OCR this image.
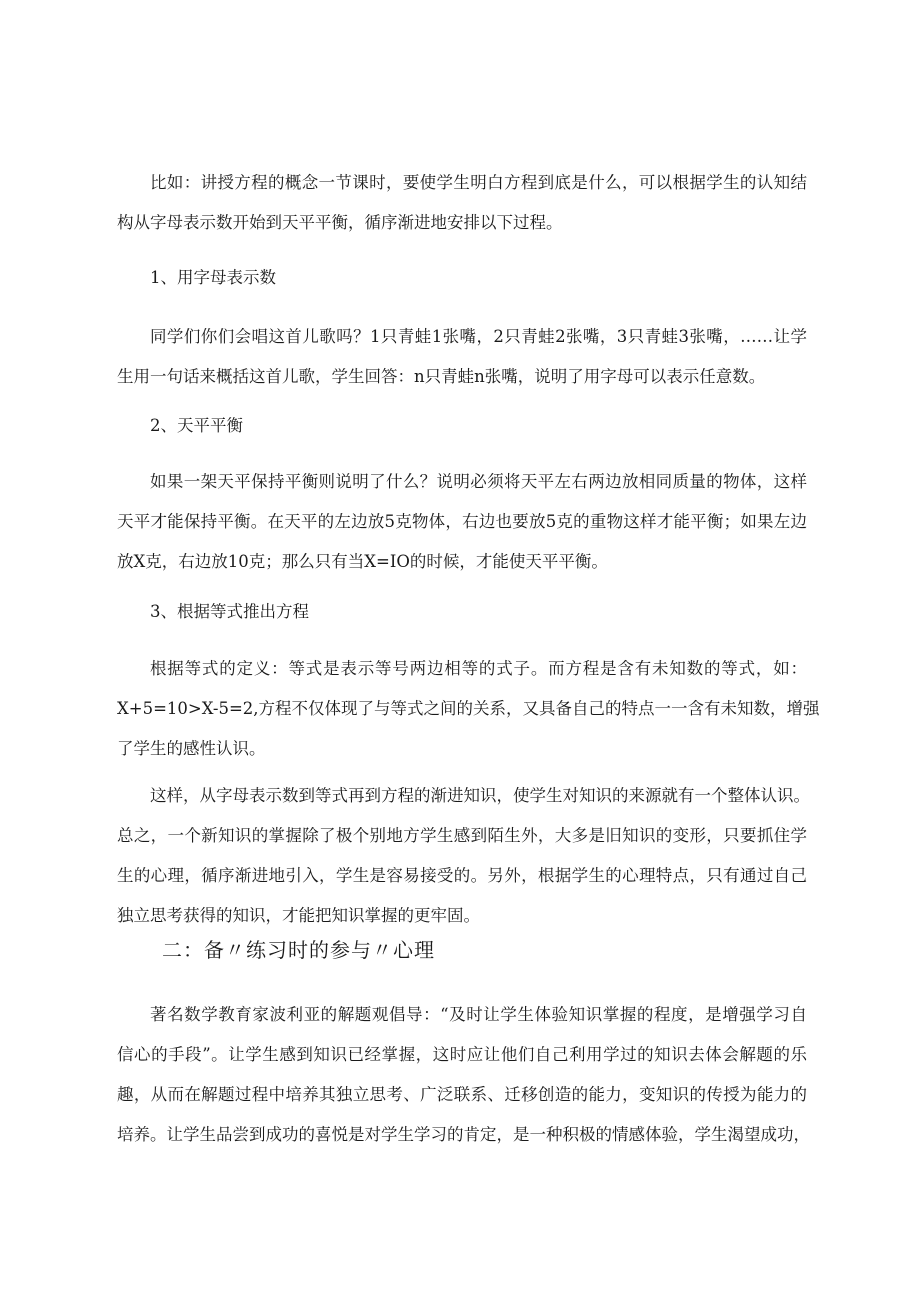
比如：讲授方程的概念一节课时，要使学生明白方程到底是什么，可以根据学生的认知结
构从字母表示数开始到天平平衡，循序渐进地安排以下过程。

1、用字母表示数

同学们你们会唱这首儿歌吗？1只青蛙1张嘴，2只青蛙2张嘴，3只青蛙3张嘴，……让学
生用一句话来概括这首儿歌，学生回答：n只青蛙n张嘴，说明了用字母可以表示任意数。

2、天平平衡

如果一架天平保持平衡则说明了什么？说明必须将天平左右两边放相同质量的物体，这样
天平才能保持平衡。在天平的左边放5克物体，右边也要放5克的重物这样才能平衡；如果左边
放X克，右边放10克；那么只有当X=IO的时候，才能使天平平衡。

3、根据等式推出方程

根据等式的定义：等式是表示等号两边相等的式子。而方程是含有未知数的等式，如：
X+5=10>X-5=2,方程不仅体现了与等式之间的关系，又具备自己的特点一一含有未知数，增强
了学生的感性认识。

这样，从字母表示数到等式再到方程的渐进知识，使学生对知识的来源就有一个整体认识。
总之，一个新知识的掌握除了极个别地方学生感到陌生外，大多是旧知识的变形，只要抓住学
生的心理，循序渐进地引入，学生是容易接受的。另外，根据学生的心理特点，只有通过自己
独立思考获得的知识，才能把知识掌握的更牢固。

二：备〃练习时的参与〃心理

著名数学教育家波利亚的解题观倡导：“及时让学生体验知识掌握的程度，是增强学习自
信心的手段”。让学生感到知识已经掌握，这时应让他们自己利用学过的知识去体会解题的乐
趣，从而在解题过程中培养其独立思考、广泛联系、迁移创造的能力，变知识的传授为能力的
培养。让学生品尝到成功的喜悦是对学生学习的肯定，是一种积极的情感体验，学生渴望成功，
